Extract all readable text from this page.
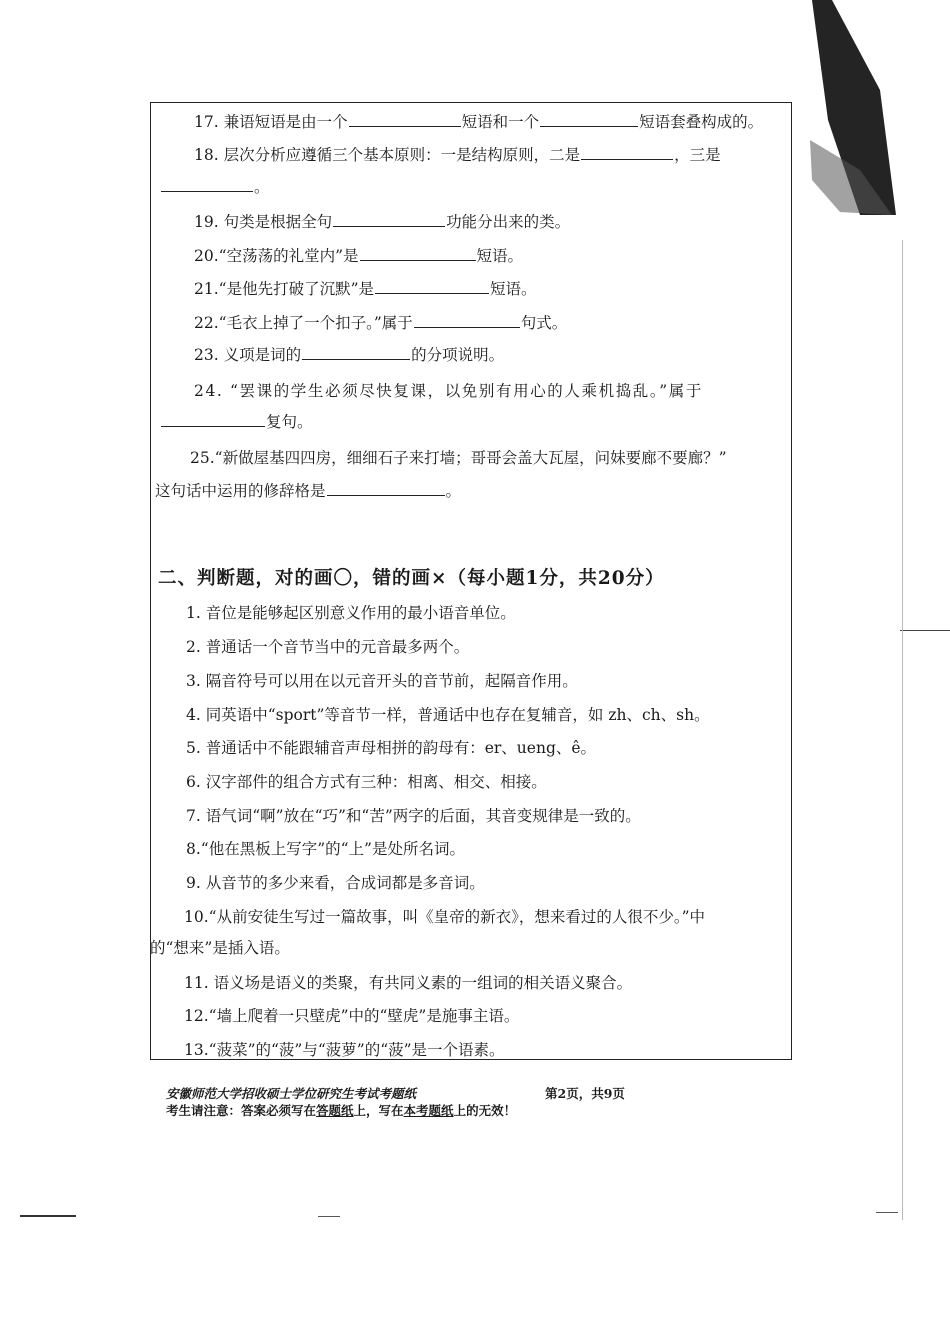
17. 兼语短语是由一个	短语和一个	短语套叠构成的。
18. 层次分析应遵循三个基本原则：一是结构原则，二是	，三是
。
19. 句类是根据全句	功能分出来的类。
20.“空荡荡的礼堂内”是	短语。
21.“是他先打破了沉默”是	短语。
22.“毛衣上掉了一个扣子。”属于	句式。
23. 义项是词的	的分项说明。
24. “罢课的学生必须尽快复课，以免别有用心的人乘机捣乱。”属于
复句。
25.“新做屋基四四房，细细石子来打墙；哥哥会盖大瓦屋，问妹要廊不要廊？”
这句话中运用的修辞格是	。
二、判断题，对的画〇，错的画×（每小题1分，共20分）
1. 音位是能够起区别意义作用的最小语音单位。
2. 普通话一个音节当中的元音最多两个。
3. 隔音符号可以用在以元音开头的音节前，起隔音作用。
4. 同英语中“sport”等音节一样，普通话中也存在复辅音，如 zh、ch、sh。
5. 普通话中不能跟辅音声母相拼的韵母有：er、ueng、ê。
6. 汉字部件的组合方式有三种：相离、相交、相接。
7. 语气词“啊”放在“巧”和“苦”两字的后面，其音变规律是一致的。
8.“他在黑板上写字”的“上”是处所名词。
9. 从音节的多少来看，合成词都是多音词。
10.“从前安徒生写过一篇故事，叫《皇帝的新衣》，想来看过的人很不少。”中
的“想来”是插入语。
11. 语义场是语义的类聚，有共同义素的一组词的相关语义聚合。
12.“墙上爬着一只壁虎”中的“壁虎”是施事主语。
13.“菠菜”的“菠”与“菠萝”的“菠”是一个语素。
安徽师范大学招收硕士学位研究生考试考题纸	第2页，共9页
考生请注意：答案必须写在答题纸上，写在本考题纸上的无效！
